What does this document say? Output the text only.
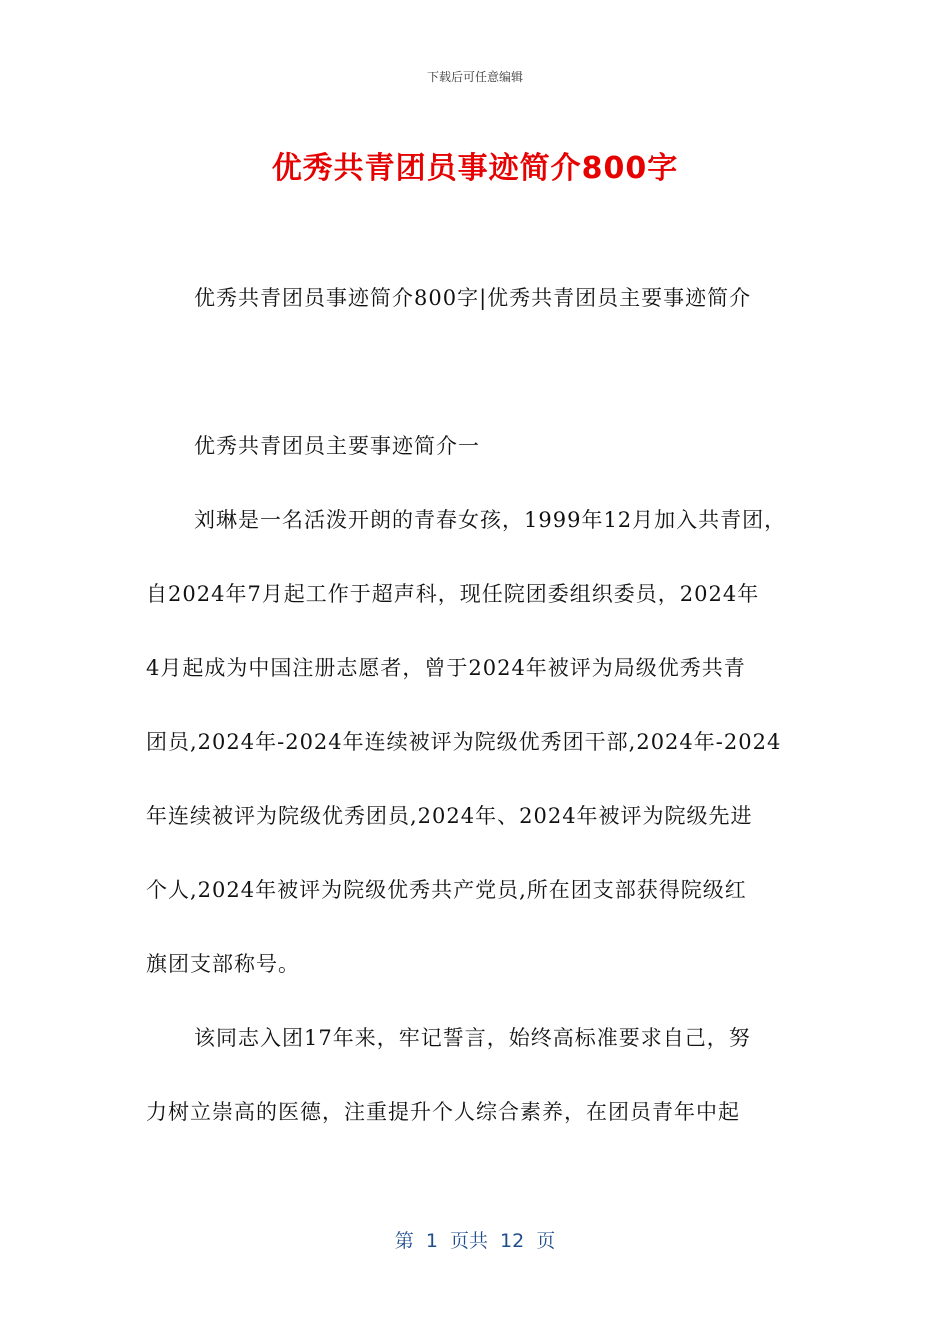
下载后可任意编辑
优秀共青团员事迹简介800字
优秀共青团员事迹简介800字|优秀共青团员主要事迹简介
优秀共青团员主要事迹简介一
刘琳是一名活泼开朗的青春女孩，1999年12月加入共青团，
自2024年7月起工作于超声科，现任院团委组织委员，2024年
4月起成为中国注册志愿者，曾于2024年被评为局级优秀共青
团员,2024年-2024年连续被评为院级优秀团干部,2024年-2024
年连续被评为院级优秀团员,2024年、2024年被评为院级先进
个人,2024年被评为院级优秀共产党员,所在团支部获得院级红
旗团支部称号。
该同志入团17年来，牢记誓言，始终高标准要求自己，努
力树立崇高的医德，注重提升个人综合素养，在团员青年中起
第 1 页共 12 页
